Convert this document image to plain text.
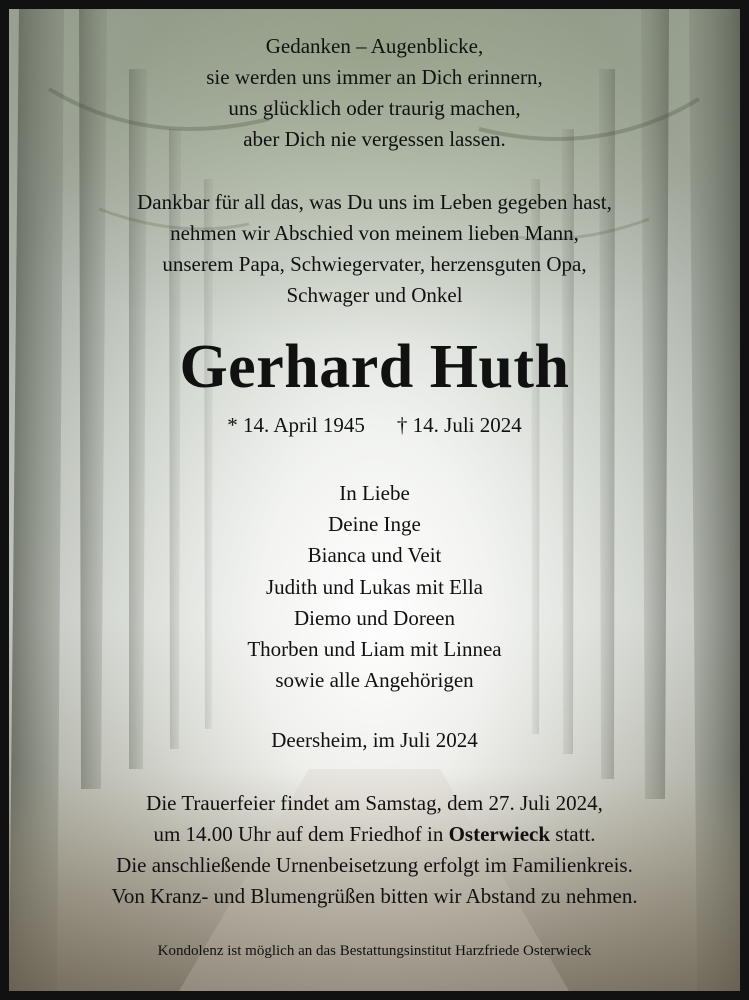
Gedanken – Augenblicke,
sie werden uns immer an Dich erinnern,
uns glücklich oder traurig machen,
aber Dich nie vergessen lassen.
Dankbar für all das, was Du uns im Leben gegeben hast,
nehmen wir Abschied von meinem lieben Mann,
unserem Papa, Schwiegervater, herzensguten Opa,
Schwager und Onkel
Gerhard Huth
* 14. April 1945 † 14. Juli 2024
In Liebe
Deine Inge
Bianca und Veit
Judith und Lukas mit Ella
Diemo und Doreen
Thorben und Liam mit Linnea
sowie alle Angehörigen
Deersheim, im Juli 2024
Die Trauerfeier findet am Samstag, dem 27. Juli 2024,
um 14.00 Uhr auf dem Friedhof in Osterwieck statt.
Die anschließende Urnenbeisetzung erfolgt im Familienkreis.
Von Kranz- und Blumengrüßen bitten wir Abstand zu nehmen.
Kondolenz ist möglich an das Bestattungsinstitut Harzfriede Osterwieck
